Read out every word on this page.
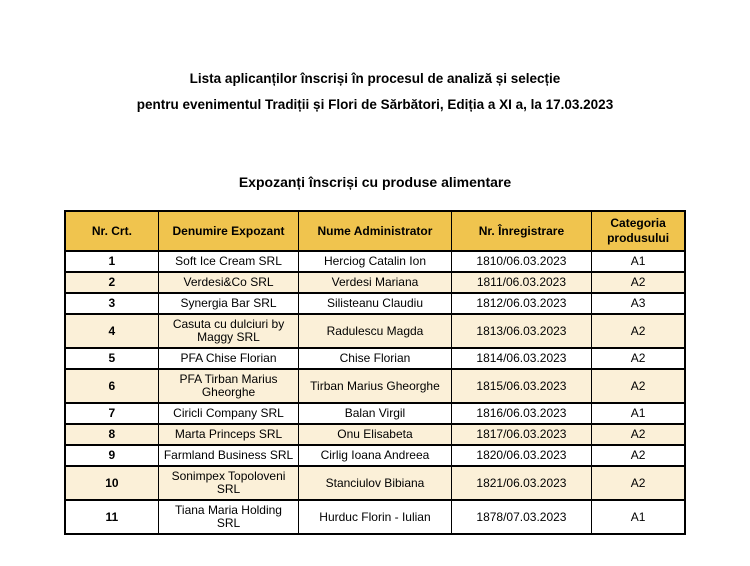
Lista aplicanților înscriși în procesul de analiză și selecție
pentru evenimentul Tradiții și Flori de Sărbători, Ediția a XI a, la 17.03.2023
Expozanți înscriși cu produse alimentare
Nr. Crt.	Denumire Expozant	Nume Administrator	Nr. Înregistrare	Categoria produsului
1	Soft Ice Cream SRL	Herciog Catalin Ion	1810/06.03.2023	A1
2	Verdesi&Co SRL	Verdesi Mariana	1811/06.03.2023	A2
3	Synergia Bar SRL	Silisteanu Claudiu	1812/06.03.2023	A3
4	Casuta cu dulciuri by Maggy SRL	Radulescu Magda	1813/06.03.2023	A2
5	PFA Chise Florian	Chise Florian	1814/06.03.2023	A2
6	PFA Tirban Marius Gheorghe	Tirban Marius Gheorghe	1815/06.03.2023	A2
7	Ciricli Company SRL	Balan Virgil	1816/06.03.2023	A1
8	Marta Princeps SRL	Onu Elisabeta	1817/06.03.2023	A2
9	Farmland Business SRL	Cirlig Ioana Andreea	1820/06.03.2023	A2
10	Sonimpex Topoloveni SRL	Stanciulov Bibiana	1821/06.03.2023	A2
11	Tiana Maria Holding SRL	Hurduc Florin - Iulian	1878/07.03.2023	A1
